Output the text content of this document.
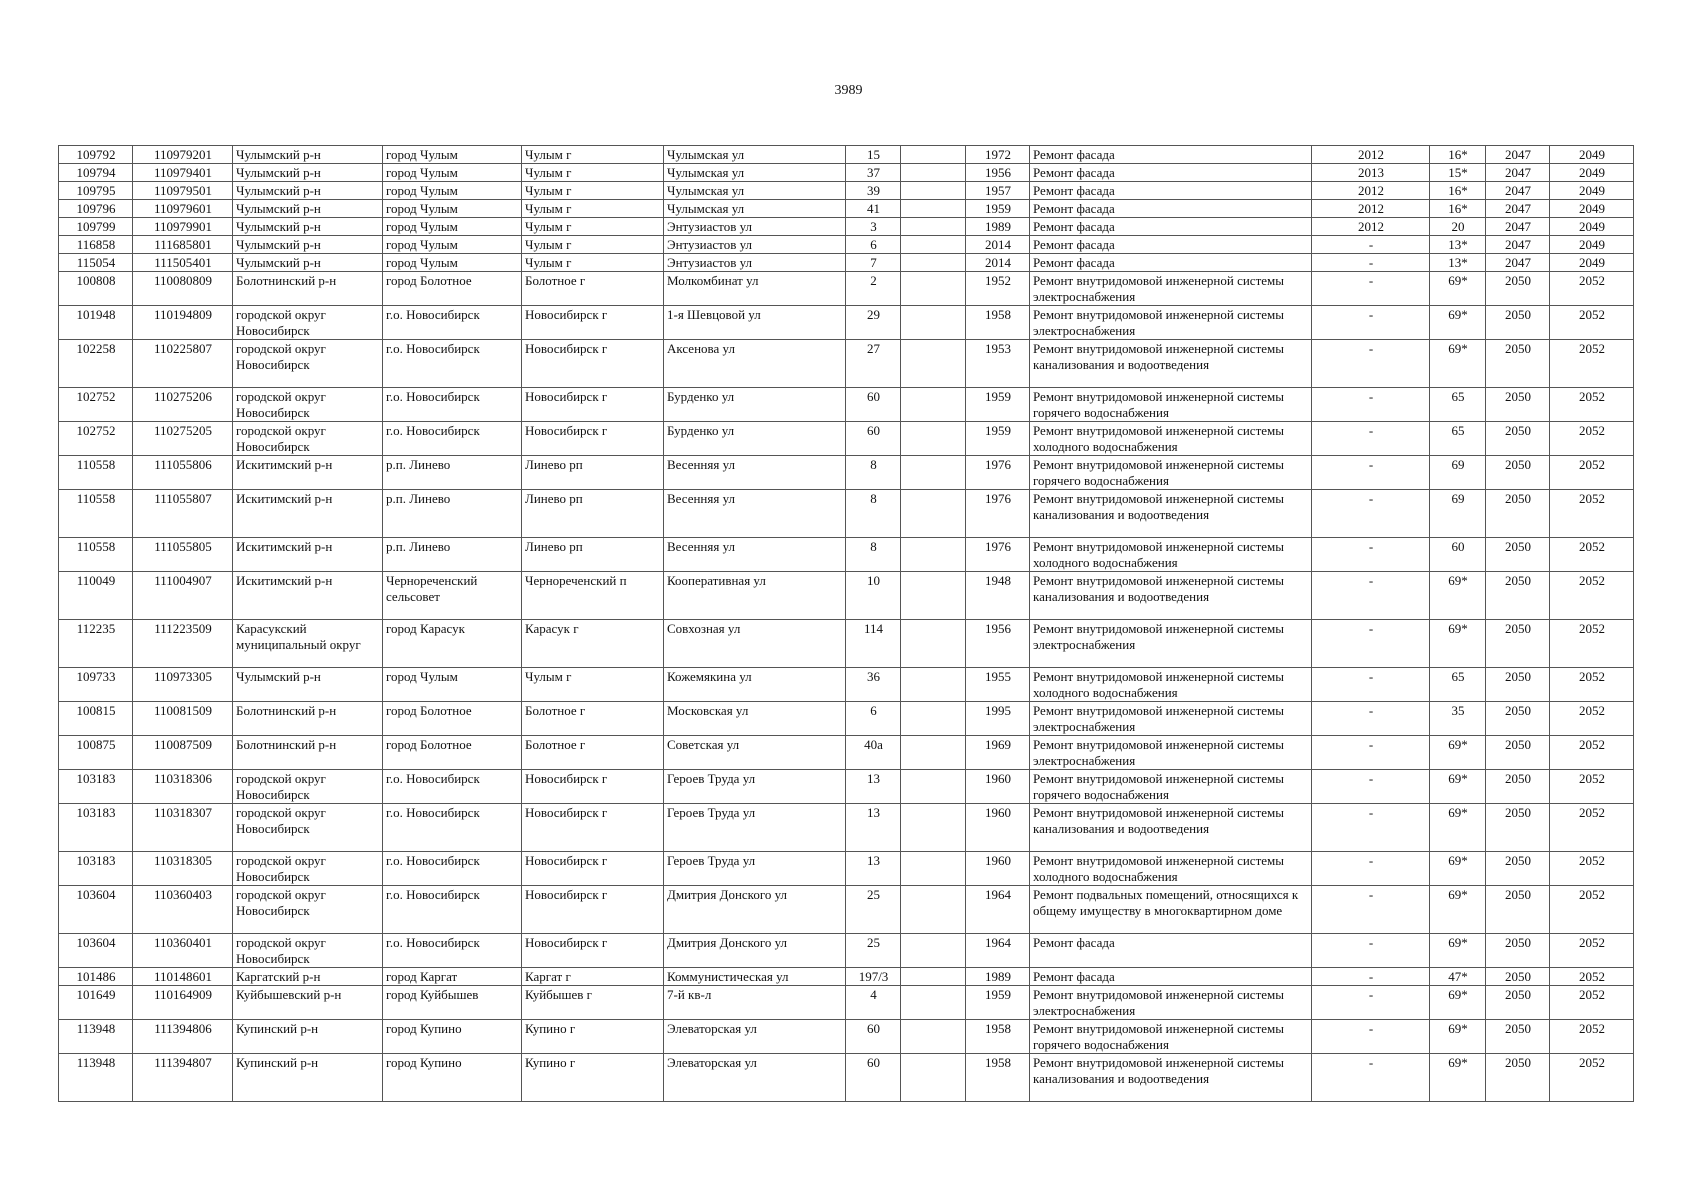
3989
109792	110979201	Чулымский р-н	город Чулым	Чулым г	Чулымская ул	15		1972	Ремонт фасада	2012	16*	2047	2049
109794	110979401	Чулымский р-н	город Чулым	Чулым г	Чулымская ул	37		1956	Ремонт фасада	2013	15*	2047	2049
109795	110979501	Чулымский р-н	город Чулым	Чулым г	Чулымская ул	39		1957	Ремонт фасада	2012	16*	2047	2049
109796	110979601	Чулымский р-н	город Чулым	Чулым г	Чулымская ул	41		1959	Ремонт фасада	2012	16*	2047	2049
109799	110979901	Чулымский р-н	город Чулым	Чулым г	Энтузиастов ул	3		1989	Ремонт фасада	2012	20	2047	2049
116858	111685801	Чулымский р-н	город Чулым	Чулым г	Энтузиастов ул	6		2014	Ремонт фасада	-	13*	2047	2049
115054	111505401	Чулымский р-н	город Чулым	Чулым г	Энтузиастов ул	7		2014	Ремонт фасада	-	13*	2047	2049
100808	110080809	Болотнинский р-н	город Болотное	Болотное г	Молкомбинат ул	2		1952	Ремонт внутридомовой инженерной системы электроснабжения	-	69*	2050	2052
101948	110194809	городской округ Новосибирск	г.о. Новосибирск	Новосибирск г	1-я Шевцовой ул	29		1958	Ремонт внутридомовой инженерной системы электроснабжения	-	69*	2050	2052
102258	110225807	городской округ Новосибирск	г.о. Новосибирск	Новосибирск г	Аксенова ул	27		1953	Ремонт внутридомовой инженерной системы канализования и водоотведения	-	69*	2050	2052
102752	110275206	городской округ Новосибирск	г.о. Новосибирск	Новосибирск г	Бурденко ул	60		1959	Ремонт внутридомовой инженерной системы горячего водоснабжения	-	65	2050	2052
102752	110275205	городской округ Новосибирск	г.о. Новосибирск	Новосибирск г	Бурденко ул	60		1959	Ремонт внутридомовой инженерной системы холодного водоснабжения	-	65	2050	2052
110558	111055806	Искитимский р-н	р.п. Линево	Линево рп	Весенняя ул	8		1976	Ремонт внутридомовой инженерной системы горячего водоснабжения	-	69	2050	2052
110558	111055807	Искитимский р-н	р.п. Линево	Линево рп	Весенняя ул	8		1976	Ремонт внутридомовой инженерной системы канализования и водоотведения	-	69	2050	2052
110558	111055805	Искитимский р-н	р.п. Линево	Линево рп	Весенняя ул	8		1976	Ремонт внутридомовой инженерной системы холодного водоснабжения	-	60	2050	2052
110049	111004907	Искитимский р-н	Чернореченский сельсовет	Чернореченский п	Кооперативная ул	10		1948	Ремонт внутридомовой инженерной системы канализования и водоотведения	-	69*	2050	2052
112235	111223509	Карасукский муниципальный округ	город Карасук	Карасук г	Совхозная ул	114		1956	Ремонт внутридомовой инженерной системы электроснабжения	-	69*	2050	2052
109733	110973305	Чулымский р-н	город Чулым	Чулым г	Кожемякина ул	36		1955	Ремонт внутридомовой инженерной системы холодного водоснабжения	-	65	2050	2052
100815	110081509	Болотнинский р-н	город Болотное	Болотное г	Московская ул	6		1995	Ремонт внутридомовой инженерной системы электроснабжения	-	35	2050	2052
100875	110087509	Болотнинский р-н	город Болотное	Болотное г	Советская ул	40а		1969	Ремонт внутридомовой инженерной системы электроснабжения	-	69*	2050	2052
103183	110318306	городской округ Новосибирск	г.о. Новосибирск	Новосибирск г	Героев Труда ул	13		1960	Ремонт внутридомовой инженерной системы горячего водоснабжения	-	69*	2050	2052
103183	110318307	городской округ Новосибирск	г.о. Новосибирск	Новосибирск г	Героев Труда ул	13		1960	Ремонт внутридомовой инженерной системы канализования и водоотведения	-	69*	2050	2052
103183	110318305	городской округ Новосибирск	г.о. Новосибирск	Новосибирск г	Героев Труда ул	13		1960	Ремонт внутридомовой инженерной системы холодного водоснабжения	-	69*	2050	2052
103604	110360403	городской округ Новосибирск	г.о. Новосибирск	Новосибирск г	Дмитрия Донского ул	25		1964	Ремонт подвальных помещений, относящихся к общему имуществу в многоквартирном доме	-	69*	2050	2052
103604	110360401	городской округ Новосибирск	г.о. Новосибирск	Новосибирск г	Дмитрия Донского ул	25		1964	Ремонт фасада	-	69*	2050	2052
101486	110148601	Каргатский р-н	город Каргат	Каргат г	Коммунистическая ул	197/3		1989	Ремонт фасада	-	47*	2050	2052
101649	110164909	Куйбышевский р-н	город Куйбышев	Куйбышев г	7-й кв-л	4		1959	Ремонт внутридомовой инженерной системы электроснабжения	-	69*	2050	2052
113948	111394806	Купинский р-н	город Купино	Купино г	Элеваторская ул	60		1958	Ремонт внутридомовой инженерной системы горячего водоснабжения	-	69*	2050	2052
113948	111394807	Купинский р-н	город Купино	Купино г	Элеваторская ул	60		1958	Ремонт внутридомовой инженерной системы канализования и водоотведения	-	69*	2050	2052
